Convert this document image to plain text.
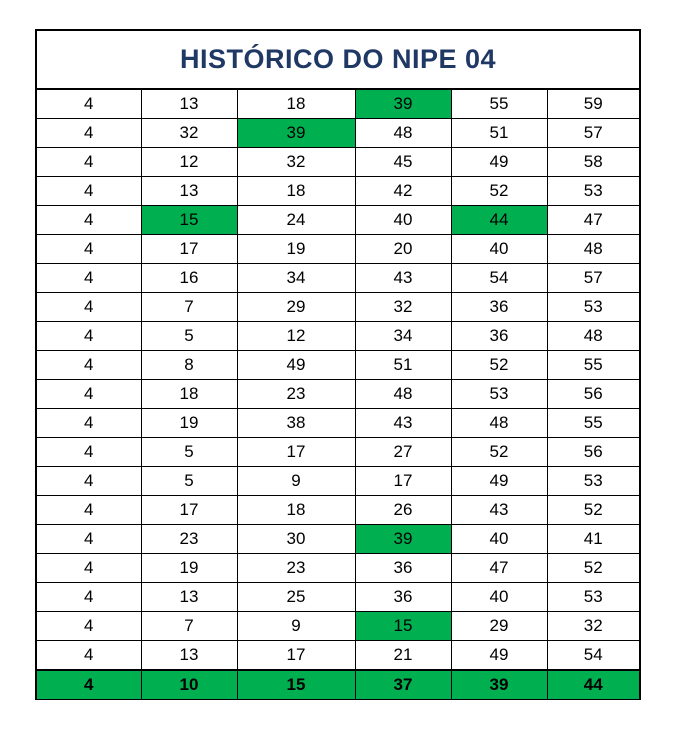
HISTÓRICO DO NIPE 04
4	13	18	39	55	59
4	32	39	48	51	57
4	12	32	45	49	58
4	13	18	42	52	53
4	15	24	40	44	47
4	17	19	20	40	48
4	16	34	43	54	57
4	7	29	32	36	53
4	5	12	34	36	48
4	8	49	51	52	55
4	18	23	48	53	56
4	19	38	43	48	55
4	5	17	27	52	56
4	5	9	17	49	53
4	17	18	26	43	52
4	23	30	39	40	41
4	19	23	36	47	52
4	13	25	36	40	53
4	7	9	15	29	32
4	13	17	21	49	54
4	10	15	37	39	44
